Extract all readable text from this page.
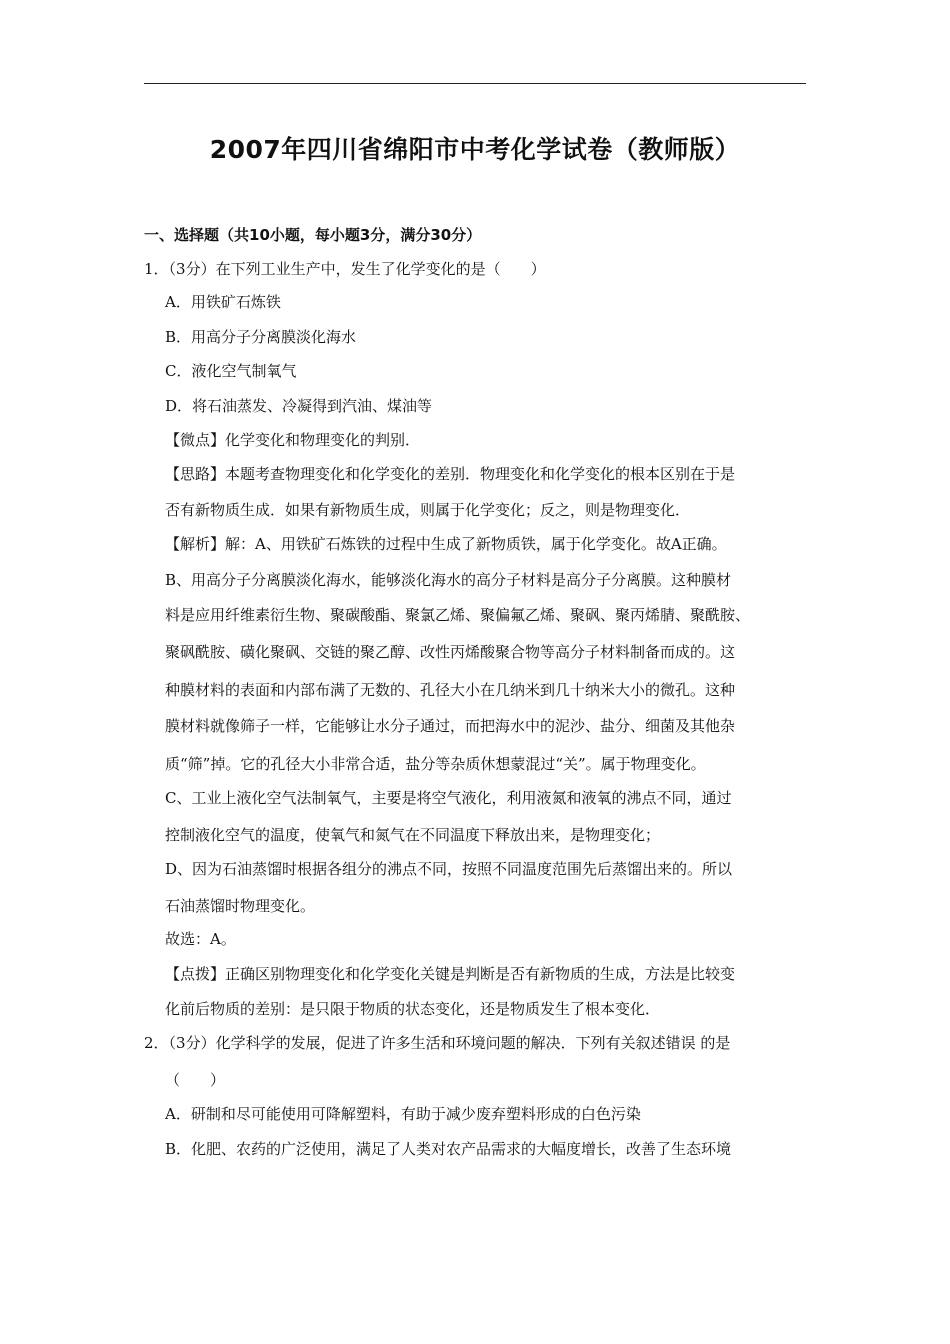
2007年四川省绵阳市中考化学试卷（教师版）
一、选择题（共10小题，每小题3分，满分30分）
1．（3分）在下列工业生产中，发生了化学变化的是（　　）
A．用铁矿石炼铁
B．用高分子分离膜淡化海水
C．液化空气制氧气
D．将石油蒸发、冷凝得到汽油、煤油等
【微点】化学变化和物理变化的判别．
【思路】本题考查物理变化和化学变化的差别．物理变化和化学变化的根本区别在于是
否有新物质生成．如果有新物质生成，则属于化学变化；反之，则是物理变化．
【解析】解：A、用铁矿石炼铁的过程中生成了新物质铁，属于化学变化。故A正确。
B、用高分子分离膜淡化海水，能够淡化海水的高分子材料是高分子分离膜。这种膜材
料是应用纤维素衍生物、聚碳酸酯、聚氯乙烯、聚偏氟乙烯、聚砜、聚丙烯腈、聚酰胺、
聚砜酰胺、磺化聚砜、交链的聚乙醇、改性丙烯酸聚合物等高分子材料制备而成的。这
种膜材料的表面和内部布满了无数的、孔径大小在几纳米到几十纳米大小的微孔。这种
膜材料就像筛子一样，它能够让水分子通过，而把海水中的泥沙、盐分、细菌及其他杂
质“筛”掉。它的孔径大小非常合适，盐分等杂质休想蒙混过“关”。属于物理变化。
C、工业上液化空气法制氧气，主要是将空气液化，利用液氮和液氧的沸点不同，通过
控制液化空气的温度，使氧气和氮气在不同温度下释放出来，是物理变化；
D、因为石油蒸馏时根据各组分的沸点不同，按照不同温度范围先后蒸馏出来的。所以
石油蒸馏时物理变化。
故选：A。
【点拨】正确区别物理变化和化学变化关键是判断是否有新物质的生成，方法是比较变
化前后物质的差别：是只限于物质的状态变化，还是物质发生了根本变化．
2．（3分）化学科学的发展，促进了许多生活和环境问题的解决．下列有关叙述错误 的是
（　　）
A．研制和尽可能使用可降解塑料，有助于减少废弃塑料形成的白色污染
B．化肥、农药的广泛使用，满足了人类对农产品需求的大幅度增长，改善了生态环境
